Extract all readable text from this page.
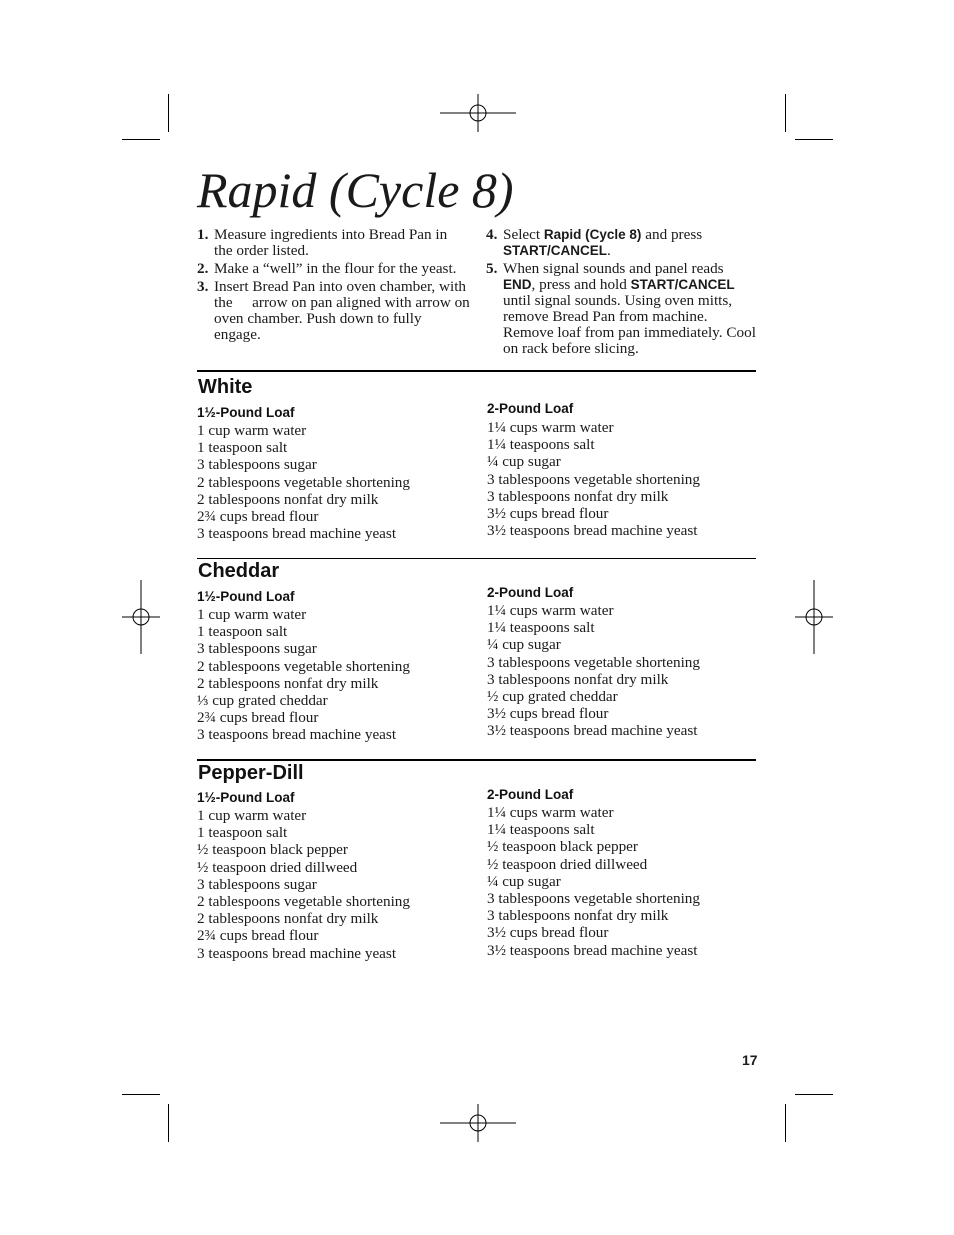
Rapid (Cycle 8)
1. Measure ingredients into Bread Pan in the order listed.
2. Make a “well” in the flour for the yeast.
3. Insert Bread Pan into oven chamber, with the  arrow on pan aligned with arrow on oven chamber. Push down to fully engage.
4. Select Rapid (Cycle 8) and press START/CANCEL.
5. When signal sounds and panel reads END, press and hold START/CANCEL until signal sounds. Using oven mitts, remove Bread Pan from machine. Remove loaf from pan immediately. Cool on rack before slicing.
White
1½-Pound Loaf
1 cup warm water
1 teaspoon salt
3 tablespoons sugar
2 tablespoons vegetable shortening
2 tablespoons nonfat dry milk
2¾ cups bread flour
3 teaspoons bread machine yeast
2-Pound Loaf
1¼ cups warm water
1¼ teaspoons salt
¼ cup sugar
3 tablespoons vegetable shortening
3 tablespoons nonfat dry milk
3½ cups bread flour
3½ teaspoons bread machine yeast
Cheddar
1½-Pound Loaf
1 cup warm water
1 teaspoon salt
3 tablespoons sugar
2 tablespoons vegetable shortening
2 tablespoons nonfat dry milk
⅓ cup grated cheddar
2¾ cups bread flour
3 teaspoons bread machine yeast
2-Pound Loaf
1¼ cups warm water
1¼ teaspoons salt
¼ cup sugar
3 tablespoons vegetable shortening
3 tablespoons nonfat dry milk
½ cup grated cheddar
3½ cups bread flour
3½ teaspoons bread machine yeast
Pepper-Dill
1½-Pound Loaf
1 cup warm water
1 teaspoon salt
½ teaspoon black pepper
½ teaspoon dried dillweed
3 tablespoons sugar
2 tablespoons vegetable shortening
2 tablespoons nonfat dry milk
2¾ cups bread flour
3 teaspoons bread machine yeast
2-Pound Loaf
1¼ cups warm water
1¼ teaspoons salt
½ teaspoon black pepper
½ teaspoon dried dillweed
¼ cup sugar
3 tablespoons vegetable shortening
3 tablespoons nonfat dry milk
3½ cups bread flour
3½ teaspoons bread machine yeast
17
